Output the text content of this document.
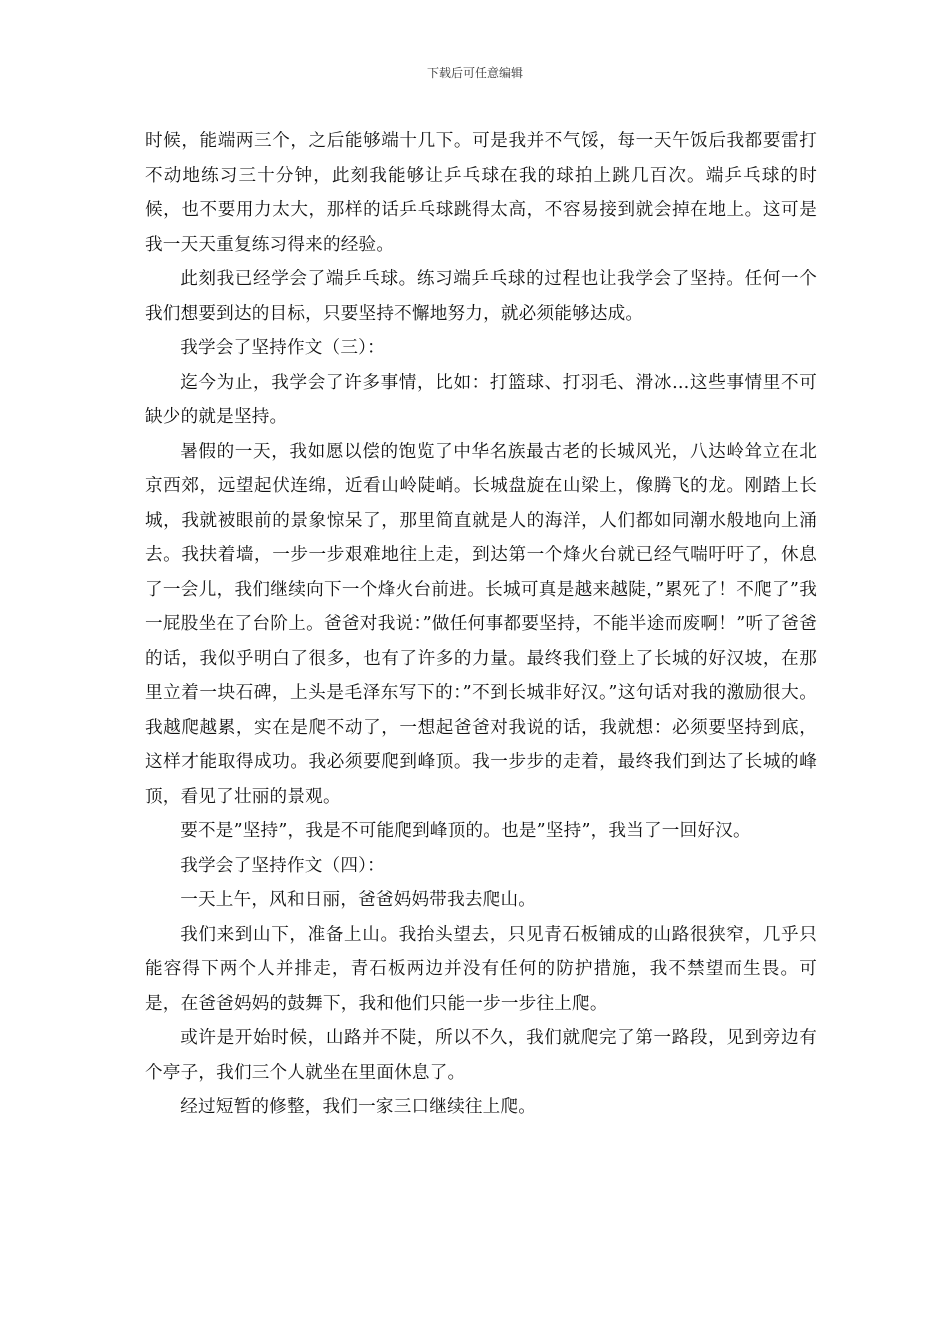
下载后可任意编辑

时候，能端两三个，之后能够端十几下。可是我并不气馁，每一天午饭后我都要雷打不动地练习三十分钟，此刻我能够让乒乓球在我的球拍上跳几百次。端乒乓球的时候，也不要用力太大，那样的话乒乓球跳得太高，不容易接到就会掉在地上。这可是我一天天重复练习得来的经验。

此刻我已经学会了端乒乓球。练习端乒乓球的过程也让我学会了坚持。任何一个我们想要到达的目标，只要坚持不懈地努力，就必须能够达成。

我学会了坚持作文（三）：

迄今为止，我学会了许多事情，比如：打篮球、打羽毛、滑冰...这些事情里不可缺少的就是坚持。

暑假的一天，我如愿以偿的饱览了中华名族最古老的长城风光，八达岭耸立在北京西郊，远望起伏连绵，近看山岭陡峭。长城盘旋在山梁上，像腾飞的龙。刚踏上长城，我就被眼前的景象惊呆了，那里简直就是人的海洋，人们都如同潮水般地向上涌去。我扶着墙，一步一步艰难地往上走，到达第一个烽火台就已经气喘吁吁了，休息了一会儿，我们继续向下一个烽火台前进。长城可真是越来越陡，”累死了！不爬了”我一屁股坐在了台阶上。爸爸对我说：”做任何事都要坚持，不能半途而废啊！”听了爸爸的话，我似乎明白了很多，也有了许多的力量。最终我们登上了长城的好汉坡，在那里立着一块石碑，上头是毛泽东写下的：”不到长城非好汉。”这句话对我的激励很大。我越爬越累，实在是爬不动了，一想起爸爸对我说的话，我就想：必须要坚持到底，这样才能取得成功。我必须要爬到峰顶。我一步步的走着，最终我们到达了长城的峰顶，看见了壮丽的景观。

要不是”坚持”，我是不可能爬到峰顶的。也是”坚持”，我当了一回好汉。

我学会了坚持作文（四）：

一天上午，风和日丽，爸爸妈妈带我去爬山。

我们来到山下，准备上山。我抬头望去，只见青石板铺成的山路很狭窄，几乎只能容得下两个人并排走，青石板两边并没有任何的防护措施，我不禁望而生畏。可是，在爸爸妈妈的鼓舞下，我和他们只能一步一步往上爬。

或许是开始时候，山路并不陡，所以不久，我们就爬完了第一路段，见到旁边有个亭子，我们三个人就坐在里面休息了。

经过短暂的修整，我们一家三口继续往上爬。
